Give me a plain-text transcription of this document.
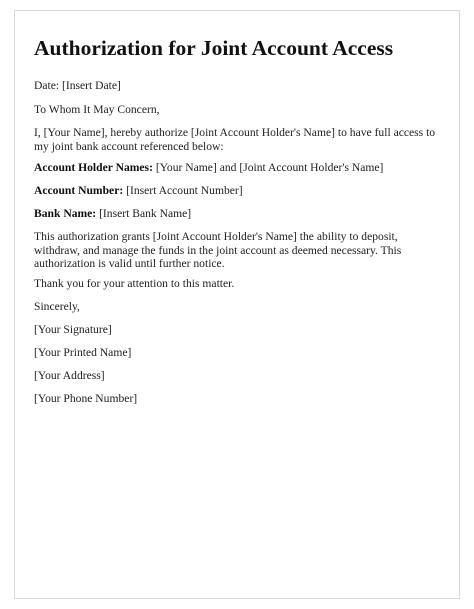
Authorization for Joint Account Access

Date: [Insert Date]

To Whom It May Concern,

I, [Your Name], hereby authorize [Joint Account Holder's Name] to have full access to my joint bank account referenced below:

Account Holder Names: [Your Name] and [Joint Account Holder's Name]

Account Number: [Insert Account Number]

Bank Name: [Insert Bank Name]

This authorization grants [Joint Account Holder's Name] the ability to deposit, withdraw, and manage the funds in the joint account as deemed necessary. This authorization is valid until further notice.

Thank you for your attention to this matter.

Sincerely,

[Your Signature]

[Your Printed Name]

[Your Address]

[Your Phone Number]
